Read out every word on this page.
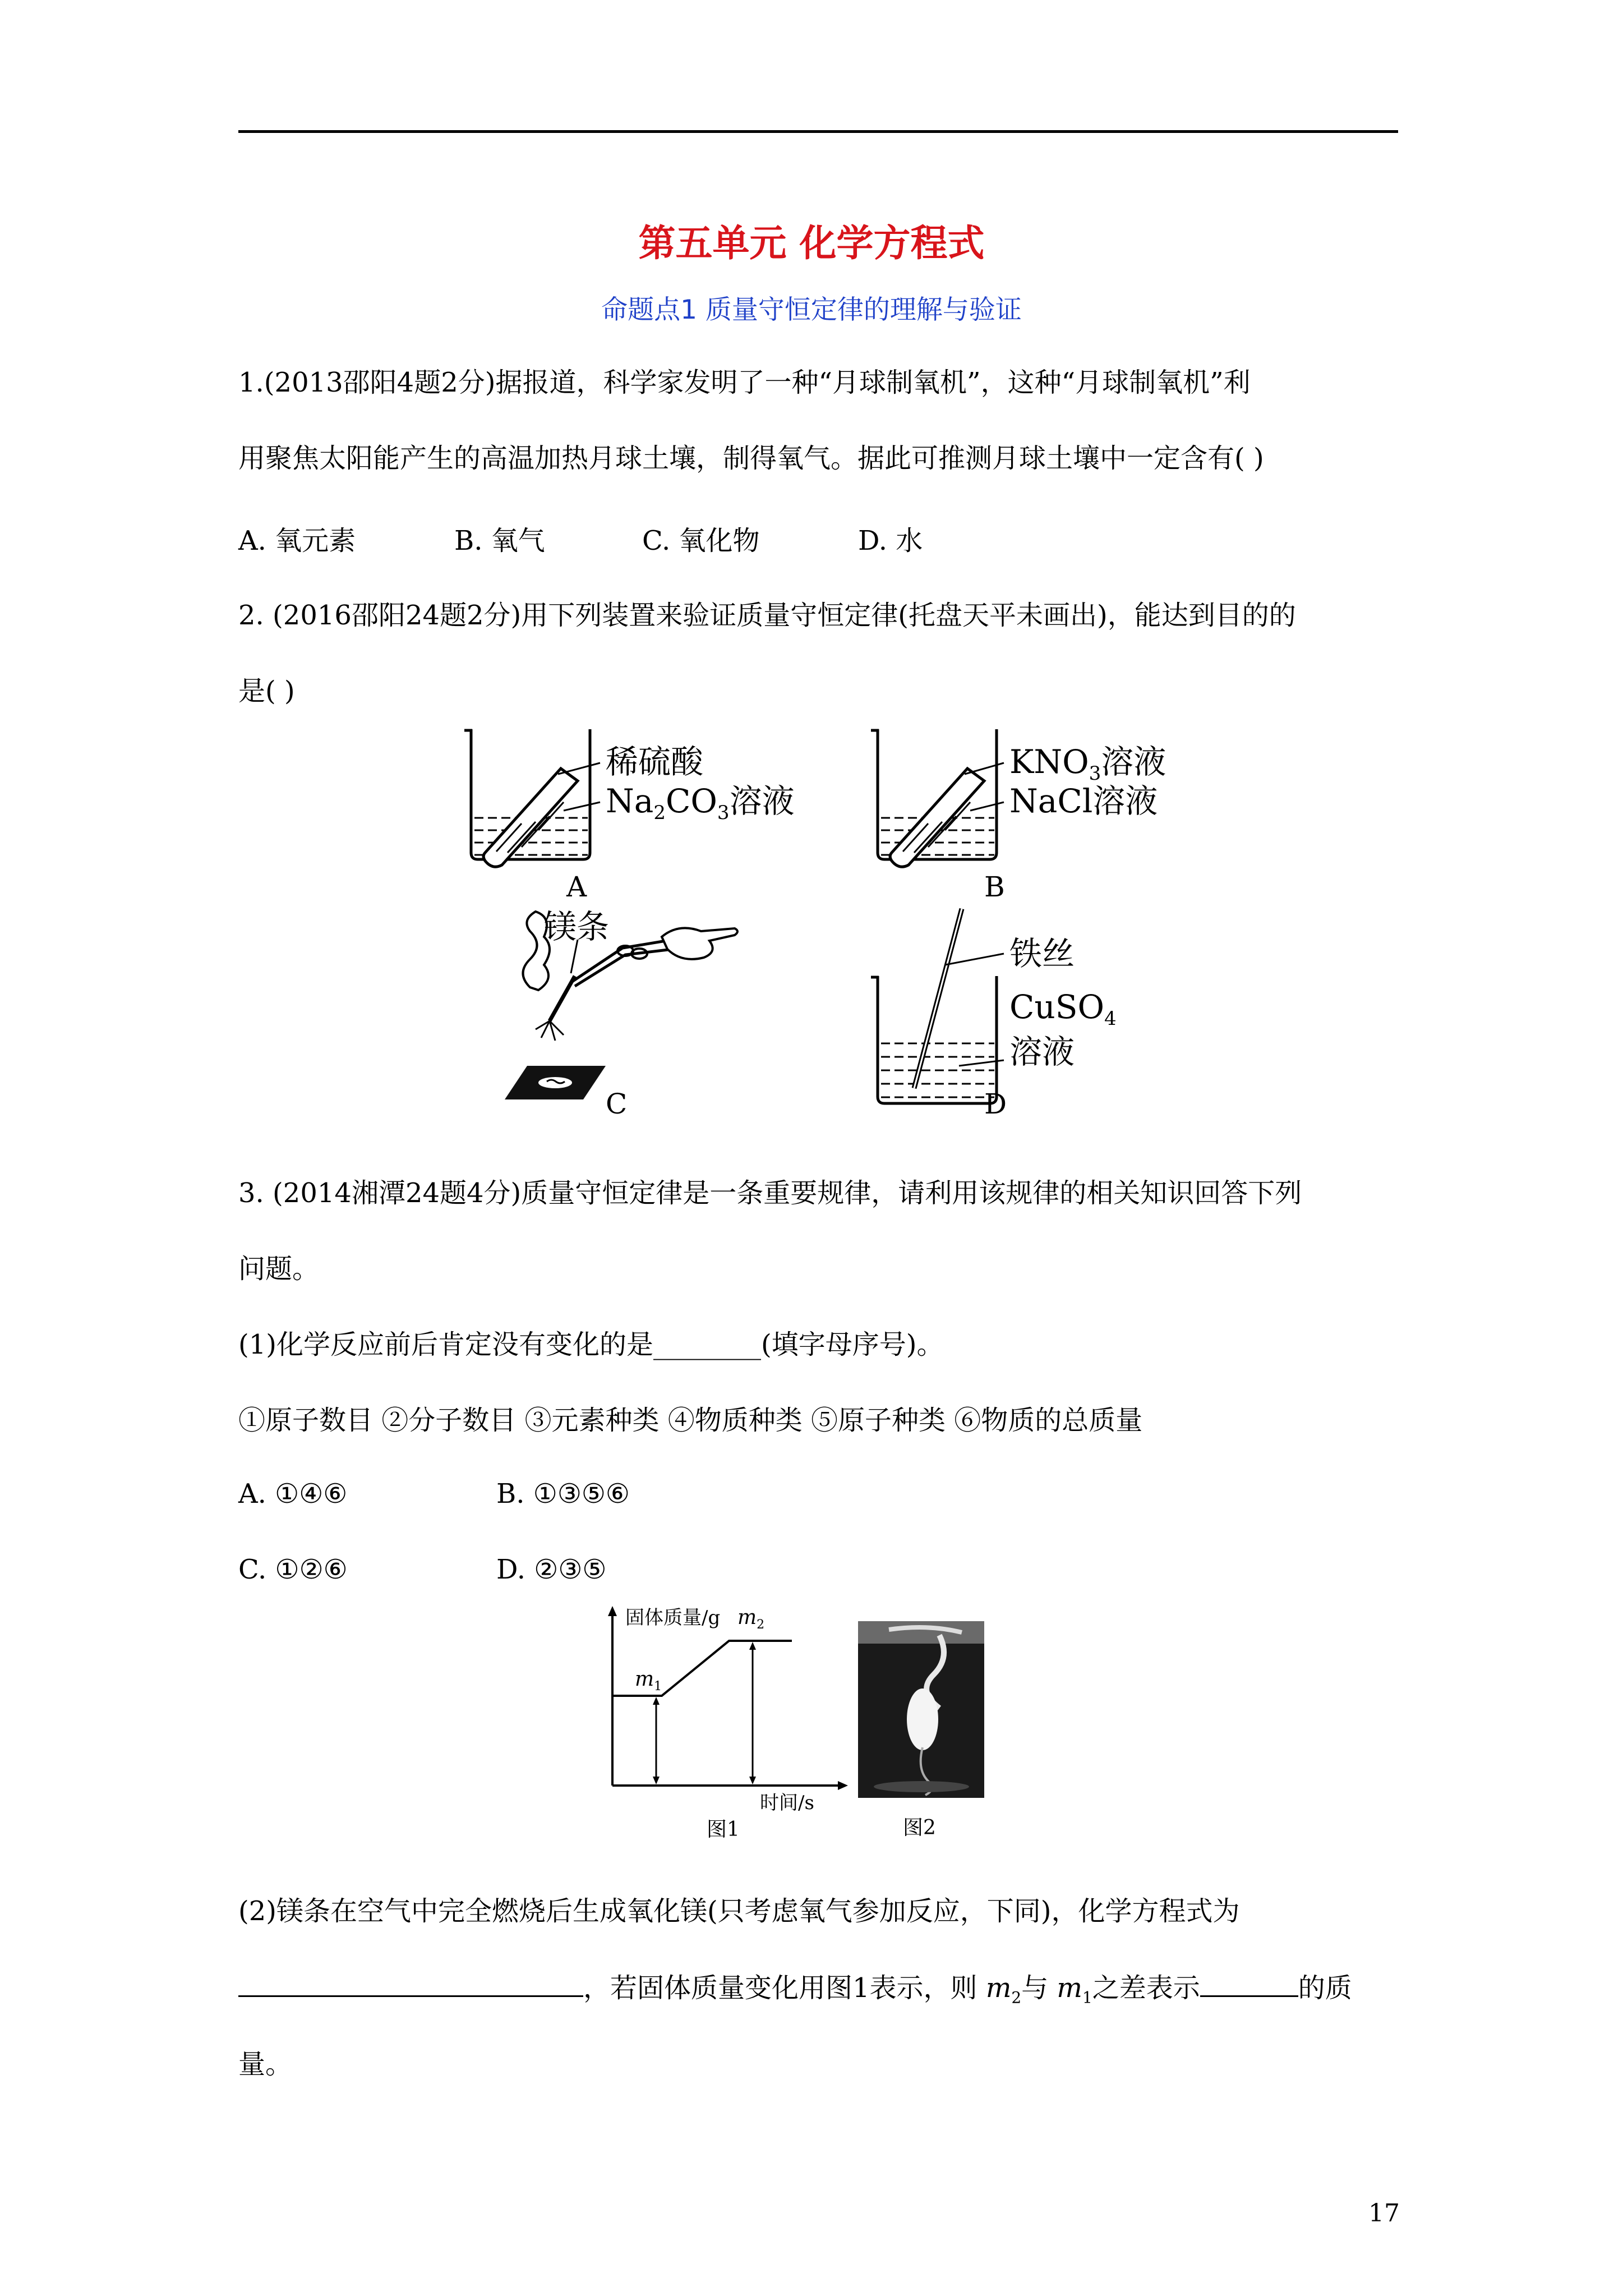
第五单元 化学方程式
命题点1 质量守恒定律的理解与验证
1.(2013邵阳4题2分)据报道，科学家发明了一种“月球制氧机”，这种“月球制氧机”利
用聚焦太阳能产生的高温加热月球土壤，制得氧气。据此可推测月球土壤中一定含有( )
A. 氧元素	B. 氧气	C. 氧化物	D. 水
2. (2016邵阳24题2分)用下列装置来验证质量守恒定律(托盘天平未画出)，能达到目的的
是( )
稀硫酸
$Na_2CO_3$溶液
A
$KNO_3$溶液
NaCl溶液
B
镁条
C
铁丝
CuSO$_4$
溶液
D
3. (2014湘潭24题4分)质量守恒定律是一条重要规律，请利用该规律的相关知识回答下列
问题。
(1)化学反应前后肯定没有变化的是________(填字母序号)。
①原子数目 ②分子数目 ③元素种类 ④物质种类 ⑤原子种类 ⑥物质的总质量
A. ①④⑥	B. ①③⑤⑥
C. ①②⑥	D. ②③⑤
固体质量/g $m_2$
$m_1$
时间/s
图1	图2
(2)镁条在空气中完全燃烧后生成氧化镁(只考虑氧气参加反应，下同)，化学方程式为
，若固体质量变化用图1表示，则 $m_2$与 $m_1$之差表示	的质
量。
17
